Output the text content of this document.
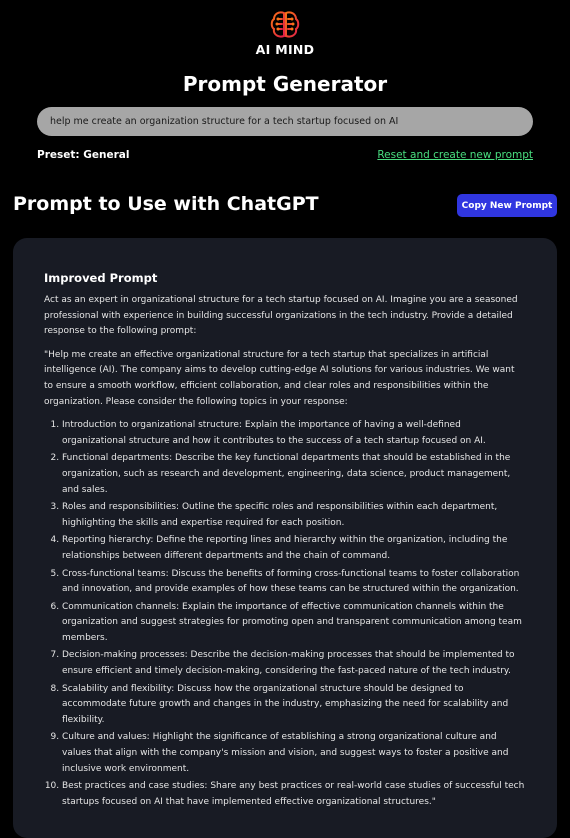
AI MIND
Prompt Generator
help me create an organization structure for a tech startup focused on AI
Preset: General	Reset and create new prompt
Prompt to Use with ChatGPT	Copy New Prompt
Improved Prompt

Act as an expert in organizational structure for a tech startup focused on AI. Imagine you are a seasoned professional with experience in building successful organizations in the tech industry. Provide a detailed response to the following prompt:

"Help me create an effective organizational structure for a tech startup that specializes in artificial intelligence (AI). The company aims to develop cutting-edge AI solutions for various industries. We want to ensure a smooth workflow, efficient collaboration, and clear roles and responsibilities within the organization. Please consider the following topics in your response:

1. Introduction to organizational structure: Explain the importance of having a well-defined organizational structure and how it contributes to the success of a tech startup focused on AI.
2. Functional departments: Describe the key functional departments that should be established in the organization, such as research and development, engineering, data science, product management, and sales.
3. Roles and responsibilities: Outline the specific roles and responsibilities within each department, highlighting the skills and expertise required for each position.
4. Reporting hierarchy: Define the reporting lines and hierarchy within the organization, including the relationships between different departments and the chain of command.
5. Cross-functional teams: Discuss the benefits of forming cross-functional teams to foster collaboration and innovation, and provide examples of how these teams can be structured within the organization.
6. Communication channels: Explain the importance of effective communication channels within the organization and suggest strategies for promoting open and transparent communication among team members.
7. Decision-making processes: Describe the decision-making processes that should be implemented to ensure efficient and timely decision-making, considering the fast-paced nature of the tech industry.
8. Scalability and flexibility: Discuss how the organizational structure should be designed to accommodate future growth and changes in the industry, emphasizing the need for scalability and flexibility.
9. Culture and values: Highlight the significance of establishing a strong organizational culture and values that align with the company's mission and vision, and suggest ways to foster a positive and inclusive work environment.
10. Best practices and case studies: Share any best practices or real-world case studies of successful tech startups focused on AI that have implemented effective organizational structures."
